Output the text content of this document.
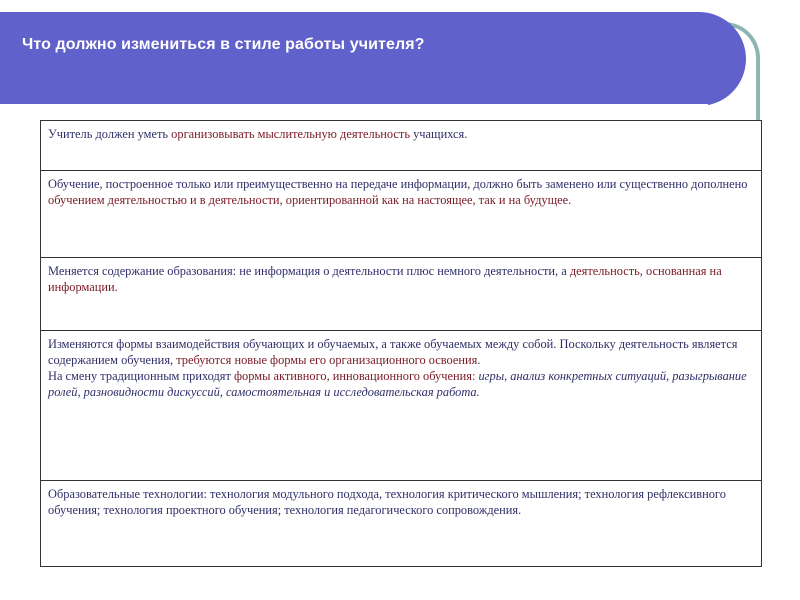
Что должно измениться в стиле работы учителя?
Учитель должен уметь организовывать мыслительную деятельность учащихся.
Обучение, построенное только или преимущественно на передаче информации, должно быть заменено или существенно дополнено обучением деятельностью и в деятельности, ориентированной как на настоящее, так и на будущее.
Меняется содержание образования: не информация о деятельности плюс немного деятельности, а деятельность, основанная на информации.
Изменяются формы взаимодействия обучающих и обучаемых, а также обучаемых между собой. Поскольку деятельность является содержанием обучения, требуются новые формы его организационного освоения.
На смену традиционным приходят формы активного, инновационного обучения: игры, анализ конкретных ситуаций, разыгрывание ролей, разновидности дискуссий, самостоятельная и исследовательская работа.
Образовательные технологии: технология модульного подхода, технология критического мышления; технология рефлексивного обучения; технология проектного обучения; технология педагогического сопровождения.
